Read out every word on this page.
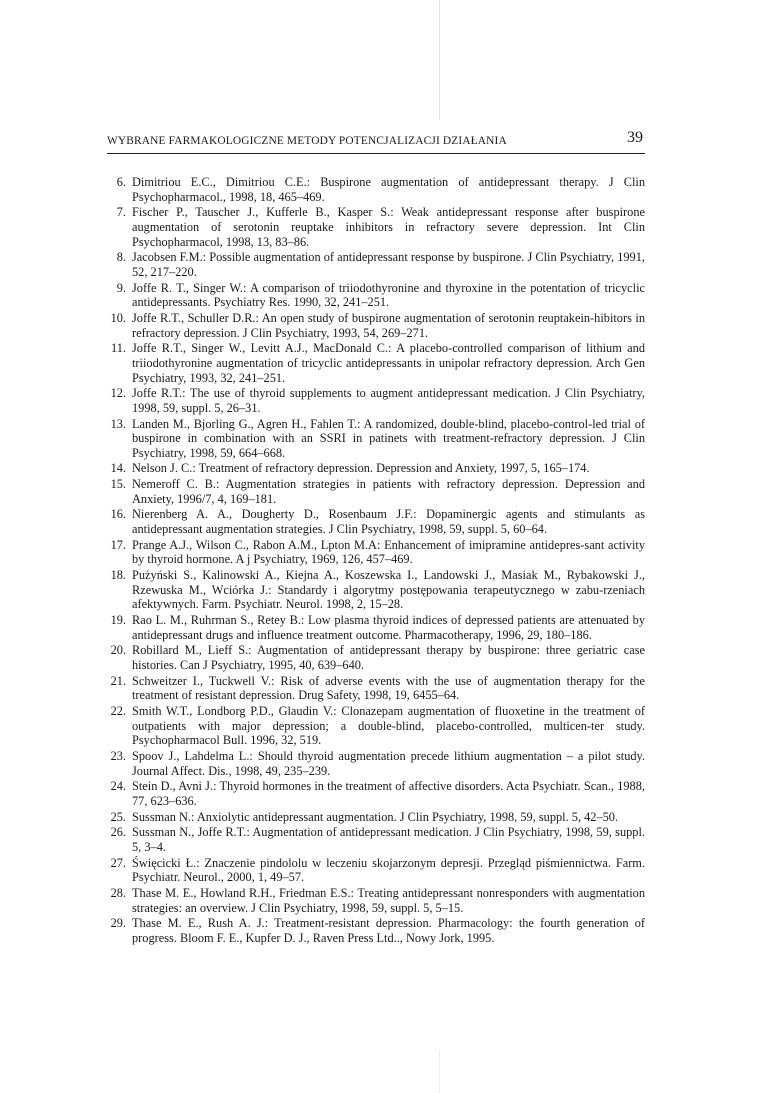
WYBRANE FARMAKOLOGICZNE METODY POTENCJALIZACJI DZIAŁANIA	39
6. Dimitriou E.C., Dimitriou C.E.: Buspirone augmentation of antidepressant therapy. J Clin Psychopharmacol., 1998, 18, 465–469.
7. Fischer P., Tauscher J., Kufferle B., Kasper S.: Weak antidepressant response after buspirone augmentation of serotonin reuptake inhibitors in refractory severe depression. Int Clin Psychopharmacol, 1998, 13, 83–86.
8. Jacobsen F.M.: Possible augmentation of antidepressant response by buspirone. J Clin Psychiatry, 1991, 52, 217–220.
9. Joffe R. T., Singer W.: A comparison of triiodothyronine and thyroxine in the potentation of tricyclic antidepressants. Psychiatry Res. 1990, 32, 241–251.
10. Joffe R.T., Schuller D.R.: An open study of buspirone augmentation of serotonin reuptakein-hibitors in refractory depression. J Clin Psychiatry, 1993, 54, 269–271.
11. Joffe R.T., Singer W., Levitt A.J., MacDonald C.: A placebo-controlled comparison of lithium and triiodothyronine augmentation of tricyclic antidepressants in unipolar refractory depression. Arch Gen Psychiatry, 1993, 32, 241–251.
12. Joffe R.T.: The use of thyroid supplements to augment antidepressant medication. J Clin Psychiatry, 1998, 59, suppl. 5, 26–31.
13. Landen M., Bjorling G., Agren H., Fahlen T.: A randomized, double-blind, placebo-control-led trial of buspirone in combination with an SSRI in patinets with treatment-refractory depression. J Clin Psychiatry, 1998, 59, 664–668.
14. Nelson J. C.: Treatment of refractory depression. Depression and Anxiety, 1997, 5, 165–174.
15. Nemeroff C. B.: Augmentation strategies in patients with refractory depression. Depression and Anxiety, 1996/7, 4, 169–181.
16. Nierenberg A. A., Dougherty D., Rosenbaum J.F.: Dopaminergic agents and stimulants as antidepressant augmentation strategies. J Clin Psychiatry, 1998, 59, suppl. 5, 60–64.
17. Prange A.J., Wilson C., Rabon A.M., Lpton M.A: Enhancement of imipramine antidepres-sant activity by thyroid hormone. A j Psychiatry, 1969, 126, 457–469.
18. Pużyński S., Kalinowski A., Kiejna A., Koszewska I., Landowski J., Masiak M., Rybakowski J., Rzewuska M., Wciórka J.: Standardy i algorytmy postępowania terapeutycznego w zabu-rzeniach afektywnych. Farm. Psychiatr. Neurol. 1998, 2, 15–28.
19. Rao L. M., Ruhrman S., Retey B.: Low plasma thyroid indices of depressed patients are attenuated by antidepressant drugs and influence treatment outcome. Pharmacotherapy, 1996, 29, 180–186.
20. Robillard M., Lieff S.: Augmentation of antidepressant therapy by buspirone: three geriatric case histories. Can J Psychiatry, 1995, 40, 639–640.
21. Schweitzer I., Tuckwell V.: Risk of adverse events with the use of augmentation therapy for the treatment of resistant depression. Drug Safety, 1998, 19, 6455–64.
22. Smith W.T., Londborg P.D., Glaudin V.: Clonazepam augmentation of fluoxetine in the treatment of outpatients with major depression; a double-blind, placebo-controlled, multicen-ter study. Psychopharmacol Bull. 1996, 32, 519.
23. Spoov J., Lahdelma L.: Should thyroid augmentation precede lithium augmentation – a pilot study. Journal Affect. Dis., 1998, 49, 235–239.
24. Stein D., Avni J.: Thyroid hormones in the treatment of affective disorders. Acta Psychiatr. Scan., 1988, 77, 623–636.
25. Sussman N.: Anxiolytic antidepressant augmentation. J Clin Psychiatry, 1998, 59, suppl. 5, 42–50.
26. Sussman N., Joffe R.T.: Augmentation of antidepressant medication. J Clin Psychiatry, 1998, 59, suppl. 5, 3–4.
27. Święcicki Ł.: Znaczenie pindololu w leczeniu skojarzonym depresji. Przegląd piśmiennictwa. Farm. Psychiatr. Neurol., 2000, 1, 49–57.
28. Thase M. E., Howland R.H., Friedman E.S.: Treating antidepressant nonresponders with augmentation strategies: an overview. J Clin Psychiatry, 1998, 59, suppl. 5, 5–15.
29. Thase M. E., Rush A. J.: Treatment-resistant depression. Pharmacology: the fourth generation of progress. Bloom F. E., Kupfer D. J., Raven Press Ltd.., Nowy Jork, 1995.
